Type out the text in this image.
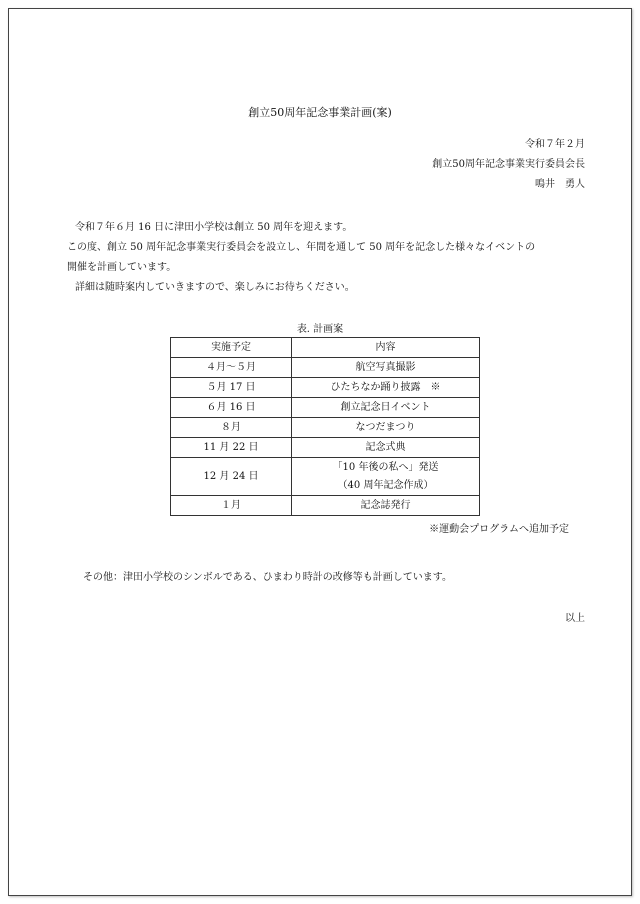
創立50周年記念事業計画(案)
令和７年２月
創立50周年記念事業実行委員会長
鳴井　勇人
令和７年６月 16 日に津田小学校は創立 50 周年を迎えます。
この度、創立 50 周年記念事業実行委員会を設立し、年間を通して 50 周年を記念した様々なイベントの
開催を計画しています。
詳細は随時案内していきますので、楽しみにお待ちください。
表. 計画案
実施予定	内容
４月～５月	航空写真撮影
５月 17 日	ひたちなか踊り披露　※
６月 16 日	創立記念日イベント
８月	なつだまつり
11 月 22 日	記念式典
12 月 24 日	「10 年後の私へ」発送
（40 周年記念作成）

１月	記念誌発行
※運動会プログラムへ追加予定
その他：津田小学校のシンボルである、ひまわり時計の改修等も計画しています。
以上
